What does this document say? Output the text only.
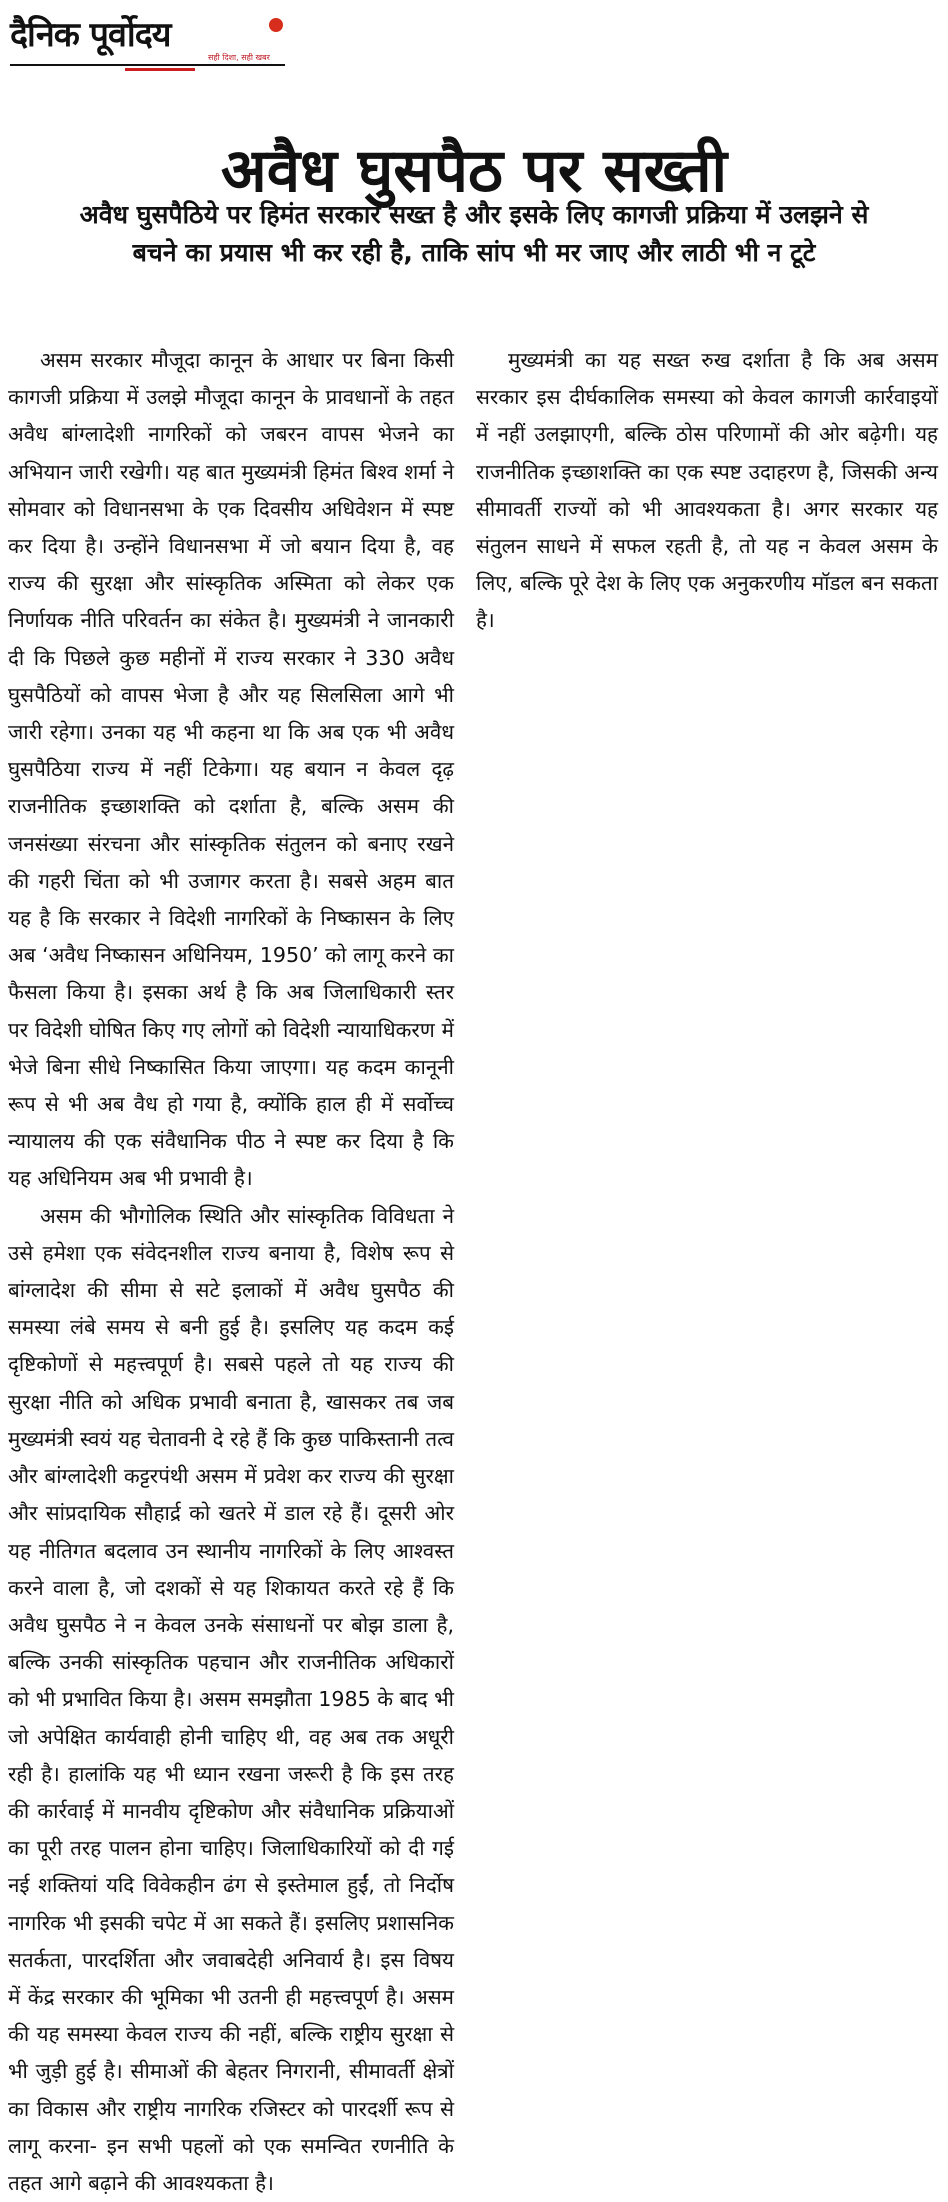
दैनिक पूर्वोदय
सही दिशा, सही खबर
अवैध घुसपैठ पर सख्ती
अवैध घुसपैठिये पर हिमंत सरकार सख्त है और इसके लिए कागजी प्रक्रिया में उलझने से बचने का प्रयास भी कर रही है, ताकि सांप भी मर जाए और लाठी भी न टूटे

असम सरकार मौजूदा कानून के आधार पर बिना किसी कागजी प्रक्रिया में उलझे मौजूदा कानून के प्रावधानों के तहत अवैध बांग्लादेशी नागरिकों को जबरन वापस भेजने का अभियान जारी रखेगी। यह बात मुख्यमंत्री हिमंत बिश्व शर्मा ने सोमवार को विधानसभा के एक दिवसीय अधिवेशन में स्पष्ट कर दिया है। उन्होंने विधानसभा में जो बयान दिया है, वह राज्य की सुरक्षा और सांस्कृतिक अस्मिता को लेकर एक निर्णायक नीति परिवर्तन का संकेत है। मुख्यमंत्री ने जानकारी दी कि पिछले कुछ महीनों में राज्य सरकार ने 330 अवैध घुसपैठियों को वापस भेजा है और यह सिलसिला आगे भी जारी रहेगा। उनका यह भी कहना था कि अब एक भी अवैध घुसपैठिया राज्य में नहीं टिकेगा। यह बयान न केवल दृढ़ राजनीतिक इच्छाशक्ति को दर्शाता है, बल्कि असम की जनसंख्या संरचना और सांस्कृतिक संतुलन को बनाए रखने की गहरी चिंता को भी उजागर करता है। सबसे अहम बात यह है कि सरकार ने विदेशी नागरिकों के निष्कासन के लिए अब ‘अवैध निष्कासन अधिनियम, 1950’ को लागू करने का फैसला किया है। इसका अर्थ है कि अब जिलाधिकारी स्तर पर विदेशी घोषित किए गए लोगों को विदेशी न्यायाधिकरण में भेजे बिना सीधे निष्कासित किया जाएगा। यह कदम कानूनी रूप से भी अब वैध हो गया है, क्योंकि हाल ही में सर्वोच्च न्यायालय की एक संवैधानिक पीठ ने स्पष्ट कर दिया है कि यह अधिनियम अब भी प्रभावी है।

असम की भौगोलिक स्थिति और सांस्कृतिक विविधता ने उसे हमेशा एक संवेदनशील राज्य बनाया है, विशेष रूप से बांग्लादेश की सीमा से सटे इलाकों में अवैध घुसपैठ की समस्या लंबे समय से बनी हुई है। इसलिए यह कदम कई दृष्टिकोणों से महत्त्वपूर्ण है। सबसे पहले तो यह राज्य की सुरक्षा नीति को अधिक प्रभावी बनाता है, खासकर तब जब मुख्यमंत्री स्वयं यह चेतावनी दे रहे हैं कि कुछ पाकिस्तानी तत्व और बांग्लादेशी कट्टरपंथी असम में प्रवेश कर राज्य की सुरक्षा और सांप्रदायिक सौहार्द्र को खतरे में डाल रहे हैं। दूसरी ओर यह नीतिगत बदलाव उन स्थानीय नागरिकों के लिए आश्वस्त करने वाला है, जो दशकों से यह शिकायत करते रहे हैं कि अवैध घुसपैठ ने न केवल उनके संसाधनों पर बोझ डाला है, बल्कि उनकी सांस्कृतिक पहचान और राजनीतिक अधिकारों को भी प्रभावित किया है। असम समझौता 1985 के बाद भी जो अपेक्षित कार्यवाही होनी चाहिए थी, वह अब तक अधूरी रही है। हालांकि यह भी ध्यान रखना जरूरी है कि इस तरह की कार्रवाई में मानवीय दृष्टिकोण और संवैधानिक प्रक्रियाओं का पूरी तरह पालन होना चाहिए। जिलाधिकारियों को दी गई नई शक्तियां यदि विवेकहीन ढंग से इस्तेमाल हुईं, तो निर्दोष नागरिक भी इसकी चपेट में आ सकते हैं। इसलिए प्रशासनिक सतर्कता, पारदर्शिता और जवाबदेही अनिवार्य है। इस विषय में केंद्र सरकार की भूमिका भी उतनी ही महत्त्वपूर्ण है। असम की यह समस्या केवल राज्य की नहीं, बल्कि राष्ट्रीय सुरक्षा से भी जुड़ी हुई है। सीमाओं की बेहतर निगरानी, सीमावर्ती क्षेत्रों का विकास और राष्ट्रीय नागरिक रजिस्टर को पारदर्शी रूप से लागू करना- इन सभी पहलों को एक समन्वित रणनीति के तहत आगे बढ़ाने की आवश्यकता है।

मुख्यमंत्री का यह सख्त रुख दर्शाता है कि अब असम सरकार इस दीर्घकालिक समस्या को केवल कागजी कार्रवाइयों में नहीं उलझाएगी, बल्कि ठोस परिणामों की ओर बढ़ेगी। यह राजनीतिक इच्छाशक्ति का एक स्पष्ट उदाहरण है, जिसकी अन्य सीमावर्ती राज्यों को भी आवश्यकता है। अगर सरकार यह संतुलन साधने में सफल रहती है, तो यह न केवल असम के लिए, बल्कि पूरे देश के लिए एक अनुकरणीय मॉडल बन सकता है।
